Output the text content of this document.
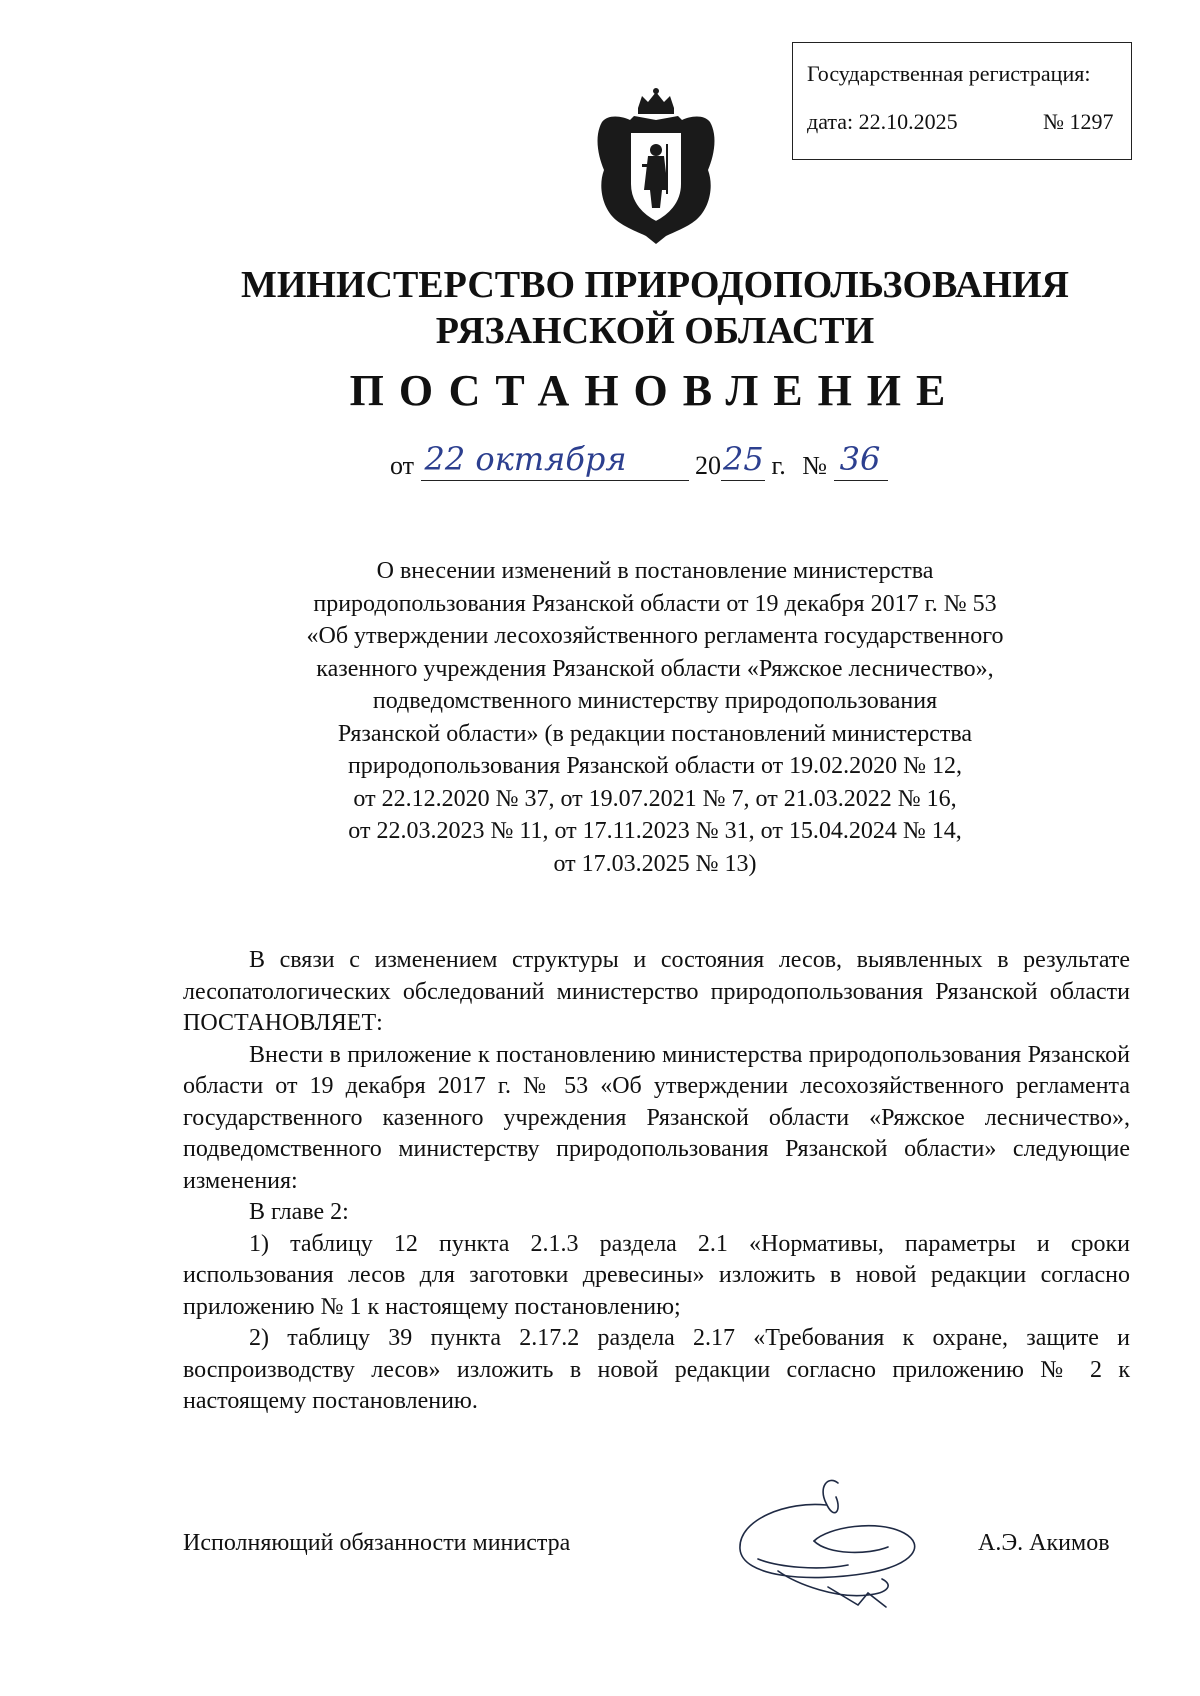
Государственная регистрация:
дата: 22.10.2025	№ 1297
МИНИСТЕРСТВО ПРИРОДОПОЛЬЗОВАНИЯ
РЯЗАНСКОЙ ОБЛАСТИ
ПОСТАНОВЛЕНИЕ
от 22 октября	20 25 г. № 36
О внесении изменений в постановление министерства
природопользования Рязанской области от 19 декабря 2017 г. № 53
«Об утверждении лесохозяйственного регламента государственного
казенного учреждения Рязанской области «Ряжское лесничество»,
подведомственного министерству природопользования
Рязанской области» (в редакции постановлений министерства
природопользования Рязанской области от 19.02.2020 № 12,
от 22.12.2020 № 37, от 19.07.2021 № 7, от 21.03.2022 № 16,
от 22.03.2023 № 11, от 17.11.2023 № 31, от 15.04.2024 № 14,
от 17.03.2025 № 13)

В связи с изменением структуры и состояния лесов, выявленных в результате лесопатологических обследований министерство природопользования Рязанской области ПОСТАНОВЛЯЕТ:

Внести в приложение к постановлению министерства природопользования Рязанской области от 19 декабря 2017 г. № 53 «Об утверждении лесохозяйственного регламента государственного казенного учреждения Рязанской области «Ряжское лесничество», подведомственного министерству природопользования Рязанской области» следующие изменения:

В главе 2:

1) таблицу 12 пункта 2.1.3 раздела 2.1 «Нормативы, параметры и сроки использования лесов для заготовки древесины» изложить в новой редакции согласно приложению № 1 к настоящему постановлению;

2) таблицу 39 пункта 2.17.2 раздела 2.17 «Требования к охране, защите и воспроизводству лесов» изложить в новой редакции согласно приложению № 2 к настоящему постановлению.

Исполняющий обязанности министра	А.Э. Акимов
